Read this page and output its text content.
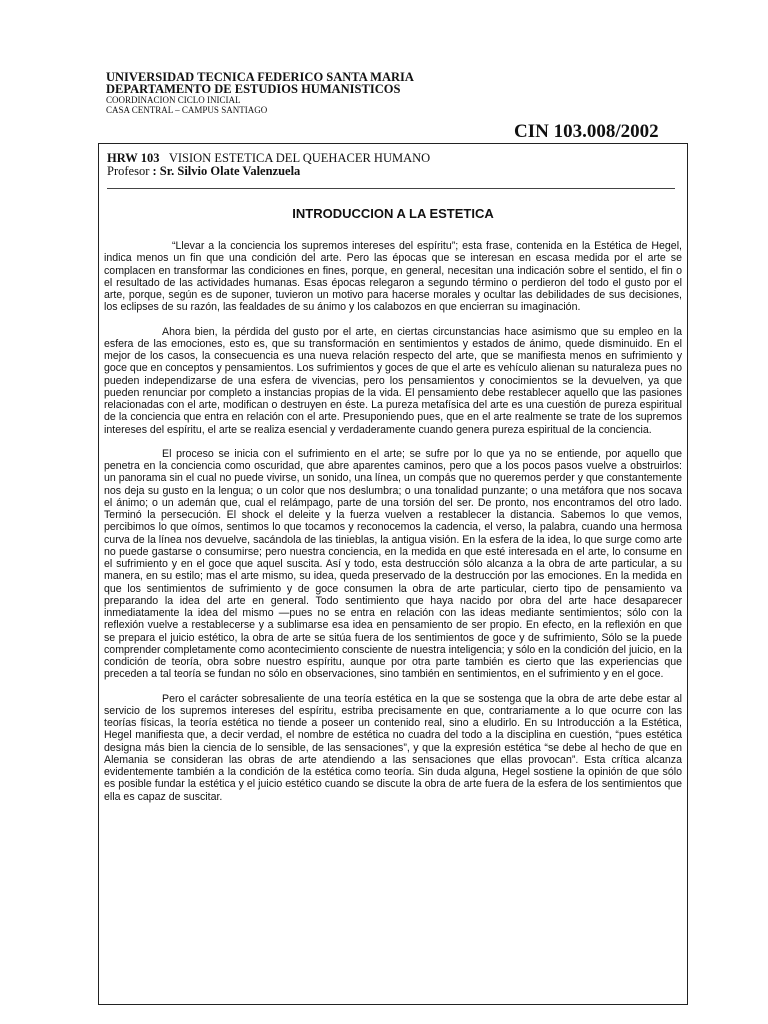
UNIVERSIDAD TECNICA FEDERICO SANTA MARIA
DEPARTAMENTO DE ESTUDIOS HUMANISTICOS
COORDINACION CICLO INICIAL
CASA CENTRAL – CAMPUS SANTIAGO
CIN 103.008/2002
HRW 103 VISION ESTETICA DEL QUEHACER HUMANO
Profesor : Sr. Silvio Olate Valenzuela
INTRODUCCION A LA ESTETICA

“Llevar a la conciencia los supremos intereses del espíritu”; esta frase, contenida en la Estética de Hegel, indica menos un fin que una condición del arte. Pero las épocas que se interesan en escasa medida por el arte se complacen en transformar las condiciones en fines, porque, en general, necesitan una indicación sobre el sentido, el fin o el resultado de las actividades humanas. Esas épocas relegaron a segundo término o perdieron del todo el gusto por el arte, porque, según es de suponer, tuvieron un motivo para hacerse morales y ocultar las debilidades de sus decisiones, los eclipses de su razón, las fealdades de su ánimo y los calabozos en que encierran su imaginación.

Ahora bien, la pérdida del gusto por el arte, en ciertas circunstancias hace asimismo que su empleo en la esfera de las emociones, esto es, que su transformación en sentimientos y estados de ánimo, quede disminuido. En el mejor de los casos, la consecuencia es una nueva relación respecto del arte, que se manifiesta menos en sufrimiento y goce que en conceptos y pensamientos. Los sufrimientos y goces de que el arte es vehículo alienan su naturaleza pues no pueden independizarse de una esfera de vivencias, pero los pensamientos y conocimientos se la devuelven, ya que pueden renunciar por completo a instancias propias de la vida. El pensamiento debe restablecer aquello que las pasiones relacionadas con el arte, modifican o destruyen en éste. La pureza metafísica del arte es una cuestión de pureza espiritual de la conciencia que entra en relación con el arte. Presuponiendo pues, que en el arte realmente se trate de los supremos intereses del espíritu, el arte se realiza esencial y verdaderamente cuando genera pureza espiritual de la conciencia.

El proceso se inicia con el sufrimiento en el arte; se sufre por lo que ya no se entiende, por aquello que penetra en la conciencia como oscuridad, que abre aparentes caminos, pero que a los pocos pasos vuelve a obstruirlos: un panorama sin el cual no puede vivirse, un sonido, una línea, un compás que no queremos perder y que constantemente nos deja su gusto en la lengua; o un color que nos deslumbra; o una tonalidad punzante; o una metáfora que nos socava el ánimo; o un ademán que, cual el relámpago, parte de una torsión del ser. De pronto, nos encontramos del otro lado. Terminó la persecución. El shock el deleite y la fuerza vuelven a restablecer la distancia. Sabemos lo que vemos, percibimos lo que oímos, sentimos lo que tocamos y reconocemos la cadencia, el verso, la palabra, cuando una hermosa curva de la línea nos devuelve, sacándola de las tinieblas, la antigua visión. En la esfera de la idea, lo que surge como arte no puede gastarse o consumirse; pero nuestra conciencia, en la medida en que esté interesada en el arte, lo consume en el sufrimiento y en el goce que aquel suscita. Así y todo, esta destrucción sólo alcanza a la obra de arte particular, a su manera, en su estilo; mas el arte mismo, su idea, queda preservado de la destrucción por las emociones. En la medida en que los sentimientos de sufrimiento y de goce consumen la obra de arte particular, cierto tipo de pensamiento va preparando la idea del arte en general. Todo sentimiento que haya nacido por obra del arte hace desaparecer inmediatamente la idea del mismo —pues no se entra en relación con las ideas mediante sentimientos; sólo con la reflexión vuelve a restablecerse y a sublimarse esa idea en pensamiento de ser propio. En efecto, en la reflexión en que se prepara el juicio estético, la obra de arte se sitúa fuera de los sentimientos de goce y de sufrimiento, Sólo se la puede comprender completamente como acontecimiento consciente de nuestra inteligencia; y sólo en la condición del juicio, en la condición de teoría, obra sobre nuestro espíritu, aunque por otra parte también es cierto que las experiencias que preceden a tal teoría se fundan no sólo en observaciones, sino también en sentimientos, en el sufrimiento y en el goce.

Pero el carácter sobresaliente de una teoría estética en la que se sostenga que la obra de arte debe estar al servicio de los supremos intereses del espíritu, estriba precisamente en que, contrariamente a lo que ocurre con las teorías físicas, la teoría estética no tiende a poseer un contenido real, sino a eludirlo. En su Introducción a la Estética, Hegel manifiesta que, a decir verdad, el nombre de estética no cuadra del todo a la disciplina en cuestión, “pues estética designa más bien la ciencia de lo sensible, de las sensaciones”, y que la expresión estética “se debe al hecho de que en Alemania se consideran las obras de arte atendiendo a las sensaciones que ellas provocan”. Esta crítica alcanza evidentemente también a la condición de la estética como teoría. Sin duda alguna, Hegel sostiene la opinión de que sólo es posible fundar la estética y el juicio estético cuando se discute la obra de arte fuera de la esfera de los sentimientos que ella es capaz de suscitar.
